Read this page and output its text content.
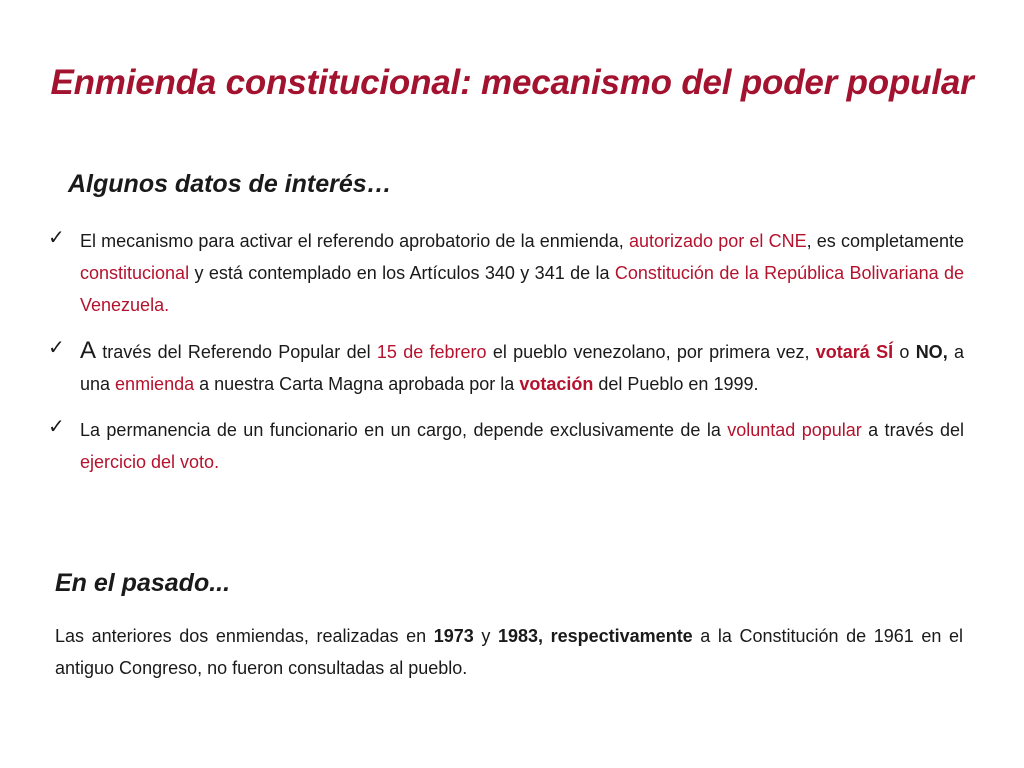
Enmienda constitucional: mecanismo del poder popular
Algunos datos de interés…
✓ El mecanismo para activar el referendo aprobatorio de la enmienda, autorizado por el CNE, es completamente constitucional y está contemplado en los Artículos 340 y 341 de la Constitución de la República Bolivariana de Venezuela.

✓ A través del Referendo Popular del 15 de febrero el pueblo venezolano, por primera vez, votará SÍ o NO, a una enmienda a nuestra Carta Magna aprobada por la votación del Pueblo en 1999.

✓ La permanencia de un funcionario en un cargo, depende exclusivamente de la voluntad popular a través del ejercicio del voto.

En el pasado...

Las anteriores dos enmiendas, realizadas en 1973 y 1983, respectivamente a la Constitución de 1961 en el antiguo Congreso, no fueron consultadas al pueblo.
